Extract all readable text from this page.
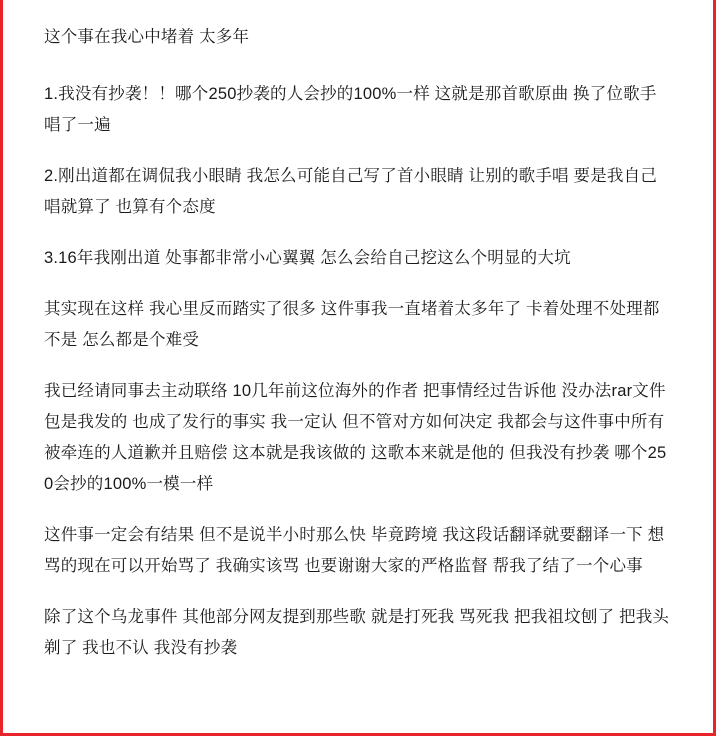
这个事在我心中堵着 太多年

1.我没有抄袭！！哪个250抄袭的人会抄的100%一样 这就是那首歌原曲 换了位歌手唱了一遍

2.刚出道都在调侃我小眼睛 我怎么可能自己写了首小眼睛 让别的歌手唱 要是我自己唱就算了 也算有个态度

3.16年我刚出道 处事都非常小心翼翼 怎么会给自己挖这么个明显的大坑

其实现在这样 我心里反而踏实了很多 这件事我一直堵着太多年了 卡着处理不处理都不是 怎么都是个难受

我已经请同事去主动联络 10几年前这位海外的作者 把事情经过告诉他 没办法rar文件包是我发的 也成了发行的事实 我一定认 但不管对方如何决定 我都会与这件事中所有被牵连的人道歉并且赔偿 这本就是我该做的 这歌本来就是他的 但我没有抄袭 哪个250会抄的100%一模一样

这件事一定会有结果 但不是说半小时那么快 毕竟跨境 我这段话翻译就要翻译一下 想骂的现在可以开始骂了 我确实该骂 也要谢谢大家的严格监督 帮我了结了一个心事

除了这个乌龙事件 其他部分网友提到那些歌 就是打死我 骂死我 把我祖坟刨了 把我头剃了 我也不认 我没有抄袭
